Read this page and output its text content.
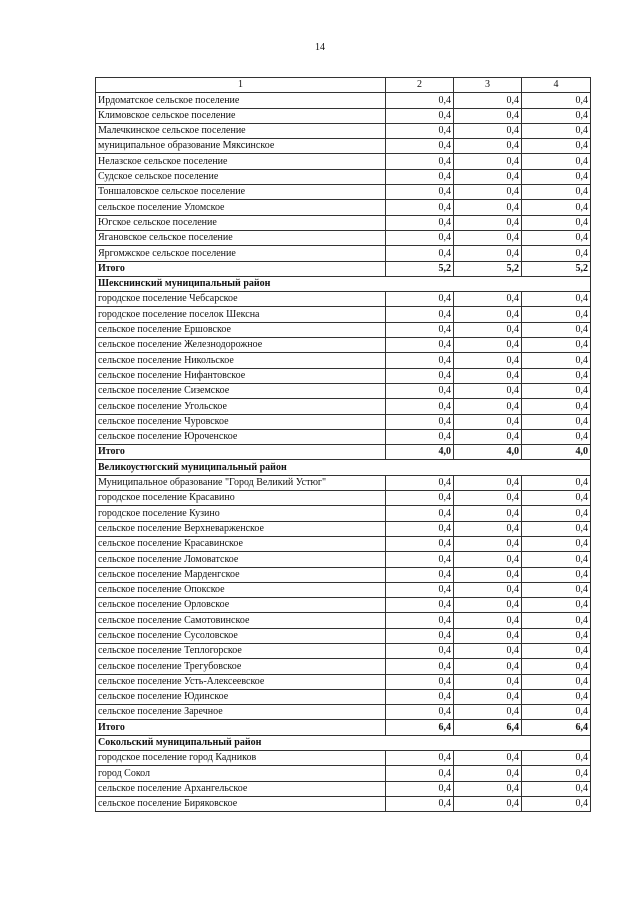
14
1	2	3	4
Ирдоматское сельское поселение	0,4	0,4	0,4
Климовское сельское поселение	0,4	0,4	0,4
Малечкинское сельское поселение	0,4	0,4	0,4
муниципальное образование Мяксинское	0,4	0,4	0,4
Нелазское сельское поселение	0,4	0,4	0,4
Судское сельское поселение	0,4	0,4	0,4
Тоншаловское сельское поселение	0,4	0,4	0,4
сельское поселение Уломское	0,4	0,4	0,4
Югское сельское поселение	0,4	0,4	0,4
Ягановское сельское поселение	0,4	0,4	0,4
Яргомжское сельское поселение	0,4	0,4	0,4
Итого	5,2	5,2	5,2
Шекснинский муниципальный район			
городское поселение Чебсарское	0,4	0,4	0,4
городское поселение поселок Шексна	0,4	0,4	0,4
сельское поселение Ершовское	0,4	0,4	0,4
сельское поселение Железнодорожное	0,4	0,4	0,4
сельское поселение Никольское	0,4	0,4	0,4
сельское поселение Нифантовское	0,4	0,4	0,4
сельское поселение Сиземское	0,4	0,4	0,4
сельское поселение Угольское	0,4	0,4	0,4
сельское поселение Чуровское	0,4	0,4	0,4
сельское поселение Юроченское	0,4	0,4	0,4
Итого	4,0	4,0	4,0
Великоустюгский муниципальный район			
Муниципальное образование "Город Великий Устюг"	0,4	0,4	0,4
городское поселение Красавино	0,4	0,4	0,4
городское поселение Кузино	0,4	0,4	0,4
сельское поселение Верхневарженское	0,4	0,4	0,4
сельское поселение Красавинское	0,4	0,4	0,4
сельское поселение Ломоватское	0,4	0,4	0,4
сельское поселение Марденгское	0,4	0,4	0,4
сельское поселение Опокское	0,4	0,4	0,4
сельское поселение Орловское	0,4	0,4	0,4
сельское поселение Самотовинское	0,4	0,4	0,4
сельское поселение Сусоловское	0,4	0,4	0,4
сельское поселение Теплогорское	0,4	0,4	0,4
сельское поселение Трегубовское	0,4	0,4	0,4
сельское поселение Усть-Алексеевское	0,4	0,4	0,4
сельское поселение Юдинское	0,4	0,4	0,4
сельское поселение Заречное	0,4	0,4	0,4
Итого	6,4	6,4	6,4
Сокольский муниципальный район			
городское поселение город Кадников	0,4	0,4	0,4
город Сокол	0,4	0,4	0,4
сельское поселение Архангельское	0,4	0,4	0,4
сельское поселение Биряковское	0,4	0,4	0,4
